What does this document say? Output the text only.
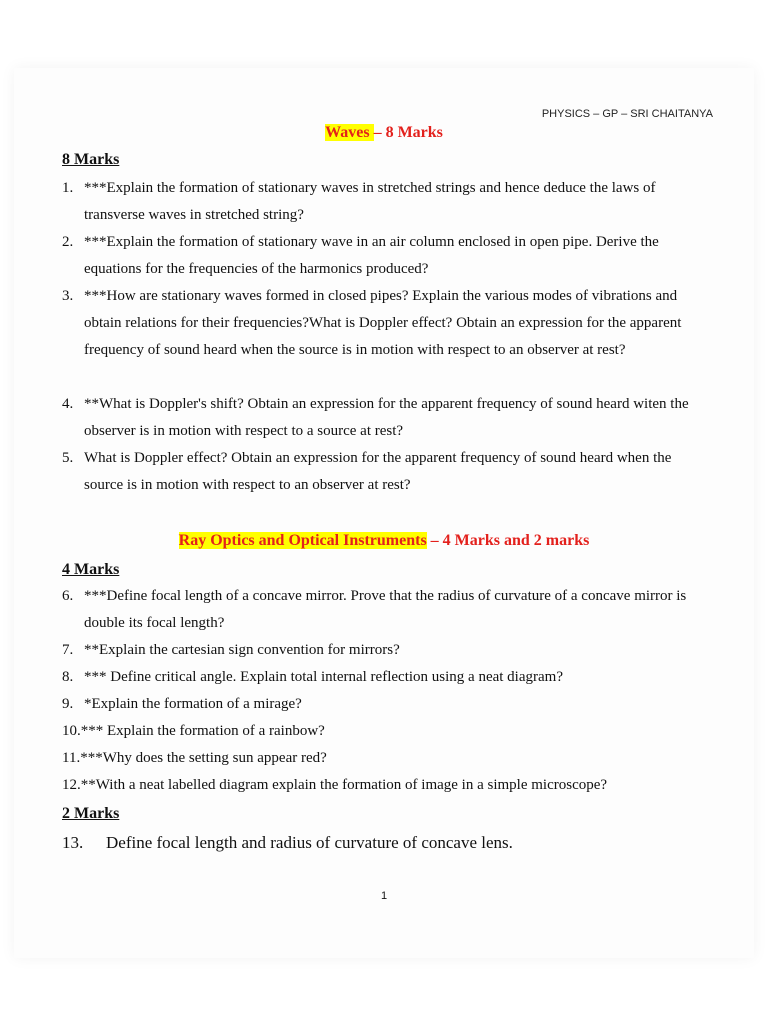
PHYSICS – GP – SRI CHAITANYA
Waves – 8 Marks
8 Marks
1. ***Explain the formation of stationary waves in stretched strings and hence deduce the laws of transverse waves in stretched string?
2. ***Explain the formation of stationary wave in an air column enclosed in open pipe. Derive the equations for the frequencies of the harmonics produced?
3. ***How are stationary waves formed in closed pipes? Explain the various modes of vibrations and obtain relations for their frequencies?What is Doppler effect? Obtain an expression for the apparent frequency of sound heard when the source is in motion with respect to an observer at rest?
4. **What is Doppler's shift? Obtain an expression for the apparent frequency of sound heard witen the observer is in motion with respect to a source at rest?
5. What is Doppler effect? Obtain an expression for the apparent frequency of sound heard when the source is in motion with respect to an observer at rest?
Ray Optics and Optical Instruments – 4 Marks and 2 marks
4 Marks
6. ***Define focal length of a concave mirror. Prove that the radius of curvature of a concave mirror is double its focal length?
7. **Explain the cartesian sign convention for mirrors?
8. *** Define critical angle. Explain total internal reflection using a neat diagram?
9. *Explain the formation of a mirage?
10.*** Explain the formation of a rainbow?
11.***Why does the setting sun appear red?
12.**With a neat labelled diagram explain the formation of image in a simple microscope?
2 Marks
13. Define focal length and radius of curvature of concave lens.
1
